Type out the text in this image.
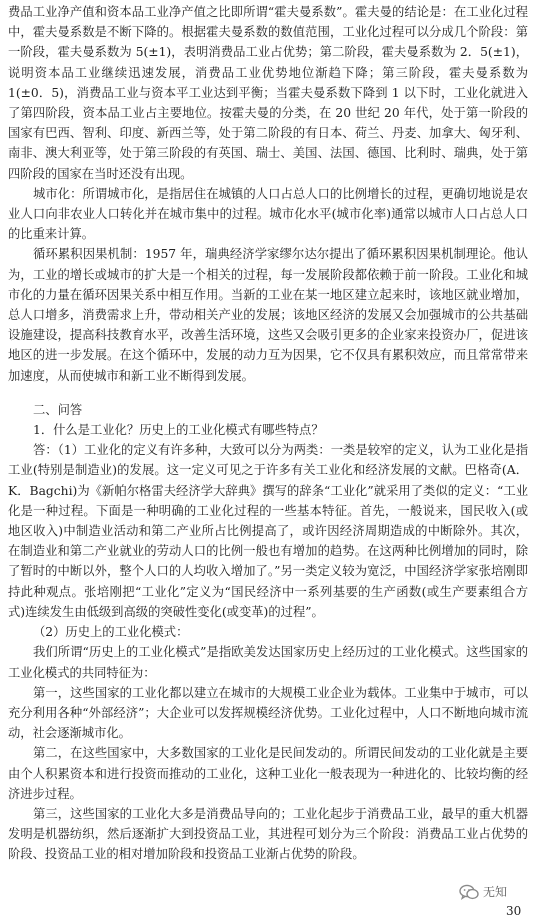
费品工业净产值和资本品工业净产值之比即所谓“霍夫曼系数”。霍夫曼的结论是：在工业化过程中，霍夫曼系数是不断下降的。根据霍夫曼系数的数值范围，工业化过程可以分成几个阶段：第一阶段，霍夫曼系数为 5(±1)，表明消费品工业占优势；第二阶段，霍夫曼系数为 2．5(±1)，说明资本品工业继续迅速发展，消费品工业优势地位渐趋下降；第三阶段，霍夫曼系数为 1(±0．5)，消费品工业与资本平工业达到平衡；当霍夫曼系数下降到 1 以下时，工业化就进入了第四阶段，资本品工业占主要地位。按霍夫曼的分类，在 20 世纪 20 年代，处于第一阶段的国家有巴西、智利、印度、新西兰等，处于第二阶段的有日本、荷兰、丹麦、加拿大、匈牙利、南非、澳大利亚等，处于第三阶段的有英国、瑞士、美国、法国、德国、比利时、瑞典，处于第四阶段的国家在当时还没有出现。

城市化：所谓城市化，是指居住在城镇的人口占总人口的比例增长的过程，更确切地说是农业人口向非农业人口转化并在城市集中的过程。城市化水平(城市化率)通常以城市人口占总人口的比重来计算。

循环累积因果机制：1957 年，瑞典经济学家缪尔达尔提出了循环累积因果机制理论。他认为，工业的增长或城市的扩大是一个相关的过程，每一发展阶段都依赖于前一阶段。工业化和城市化的力量在循环因果关系中相互作用。当新的工业在某一地区建立起来时，该地区就业增加，总人口增多，消费需求上升，带动相关产业的发展；该地区经济的发展又会加强城市的公共基础设施建设，提高科技教育水平，改善生活环境，这些又会吸引更多的企业家来投资办厂，促进该地区的进一步发展。在这个循环中，发展的动力互为因果，它不仅具有累积效应，而且常常带来加速度，从而使城市和新工业不断得到发展。

二、问答

1．什么是工业化？历史上的工业化模式有哪些特点？

答：（1）工业化的定义有许多种，大致可以分为两类：一类是较窄的定义，认为工业化是指工业(特别是制造业)的发展。这一定义可见之于许多有关工业化和经济发展的文献。巴格奇(A．K．Bagchi)为《新帕尔格雷夫经济学大辞典》撰写的辞条“工业化”就采用了类似的定义：“工业化是一种过程。下面是一种明确的工业化过程的一些基本特征。首先，一般说来，国民收入(或地区收入)中制造业活动和第二产业所占比例提高了，或许因经济周期造成的中断除外。其次，在制造业和第二产业就业的劳动人口的比例一般也有增加的趋势。在这两种比例增加的同时，除了暂时的中断以外，整个人口的人均收入增加了。”另一类定义较为宽泛，中国经济学家张培刚即持此种观点。张培刚把“工业化”定义为“国民经济中一系列基要的生产函数(或生产要素组合方式)连续发生由低级到高级的突破性变化(或变革)的过程”。

（2）历史上的工业化模式：

我们所谓“历史上的工业化模式”是指欧美发达国家历史上经历过的工业化模式。这些国家的工业化模式的共同特征为：

第一，这些国家的工业化都以建立在城市的大规模工业企业为载体。工业集中于城市，可以充分利用各种“外部经济”；大企业可以发挥规模经济优势。工业化过程中，人口不断地向城市流动，社会逐渐城市化。

第二，在这些国家中，大多数国家的工业化是民间发动的。所谓民间发动的工业化就是主要由个人积累资本和进行投资而推动的工业化，这种工业化一般表现为一种进化的、比较均衡的经济进步过程。

第三，这些国家的工业化大多是消费品导向的；工业化起步于消费品工业，最早的重大机器发明是机器纺织，然后逐渐扩大到投资品工业，其进程可划分为三个阶段：消费品工业占优势的阶段、投资品工业的相对增加阶段和投资品工业渐占优势的阶段。

无知
30
